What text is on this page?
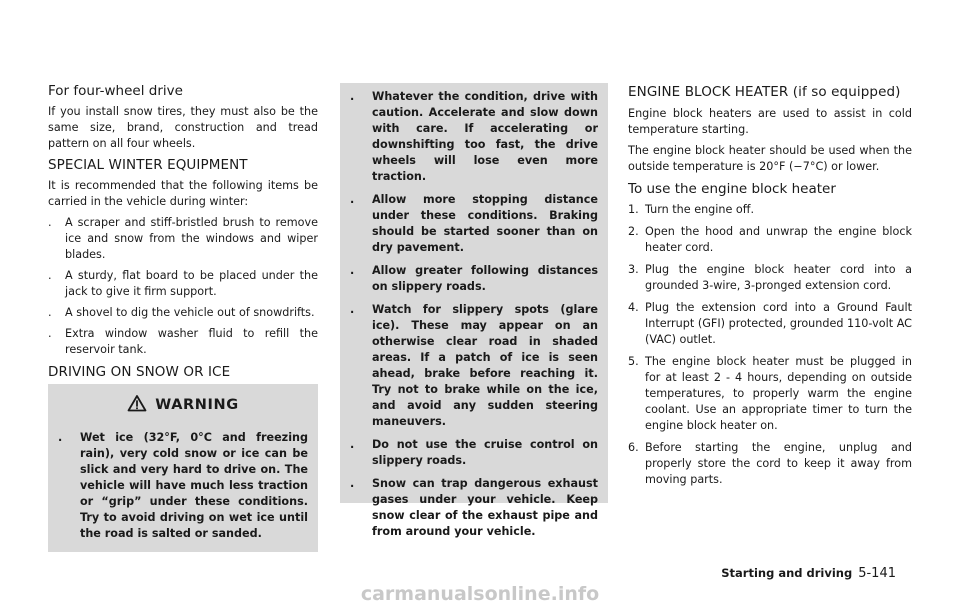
For four-wheel drive

If you install snow tires, they must also be the same size, brand, construction and tread pattern on all four wheels.

SPECIAL WINTER EQUIPMENT

It is recommended that the following items be carried in the vehicle during winter:

. A scraper and stiff-bristled brush to remove ice and snow from the windows and wiper blades.
. A sturdy, flat board to be placed under the jack to give it firm support.
. A shovel to dig the vehicle out of snowdrifts.
. Extra window washer fluid to refill the reservoir tank.
DRIVING ON SNOW OR ICE
WARNING
. Wet ice (32°F, 0°C and freezing rain), very cold snow or ice can be slick and very hard to drive on. The vehicle will have much less traction or “grip” under these conditions. Try to avoid driving on wet ice until the road is salted or sanded.
. Whatever the condition, drive with caution. Accelerate and slow down with care. If accelerating or downshifting too fast, the drive wheels will lose even more traction.
. Allow more stopping distance under these conditions. Braking should be started sooner than on dry pavement.
. Allow greater following distances on slippery roads.
. Watch for slippery spots (glare ice). These may appear on an otherwise clear road in shaded areas. If a patch of ice is seen ahead, brake before reaching it. Try not to brake while on the ice, and avoid any sudden steering maneuvers.
. Do not use the cruise control on slippery roads.
. Snow can trap dangerous exhaust gases under your vehicle. Keep snow clear of the exhaust pipe and from around your vehicle.
ENGINE BLOCK HEATER (if so equipped)

Engine block heaters are used to assist in cold temperature starting.

The engine block heater should be used when the outside temperature is 20°F (−7°C) or lower.

To use the engine block heater
1. Turn the engine off.
2. Open the hood and unwrap the engine block heater cord.
3. Plug the engine block heater cord into a grounded 3-wire, 3-pronged extension cord.
4. Plug the extension cord into a Ground Fault Interrupt (GFI) protected, grounded 110-volt AC (VAC) outlet.
5. The engine block heater must be plugged in for at least 2 - 4 hours, depending on outside temperatures, to properly warm the engine coolant. Use an appropriate timer to turn the engine block heater on.
6. Before starting the engine, unplug and properly store the cord to keep it away from moving parts.
Starting and driving 5-141
carmanualsonline.info
